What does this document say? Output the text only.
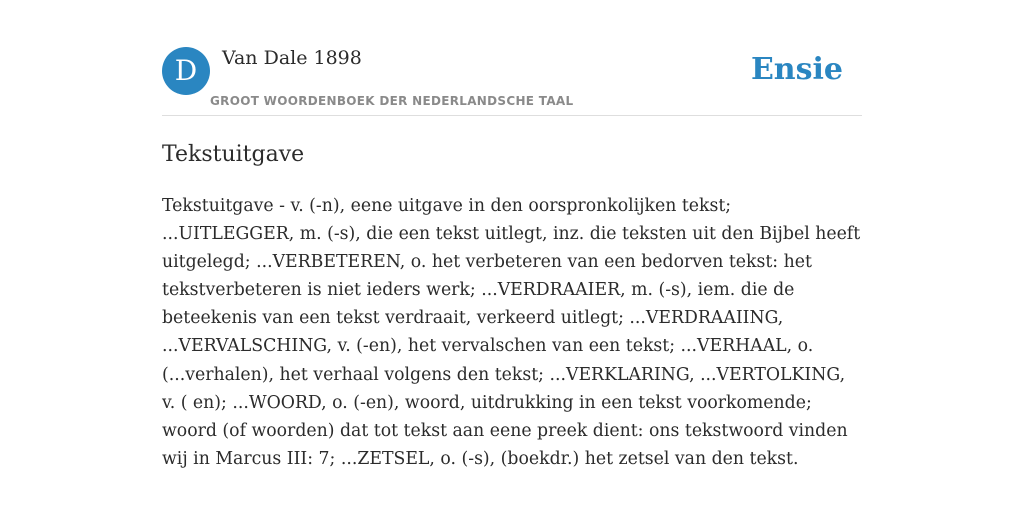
D	Van Dale 1898
GROOT WOORDENBOEK DER NEDERLANDSCHE TAAL
Ensie
Tekstuitgave

Tekstuitgave - v. (-n), eene uitgave in den oorspronkolijken tekst; ...UITLEGGER, m. (-s), die een tekst uitlegt, inz. die teksten uit den Bijbel heeft uitgelegd; ...VERBETEREN, o. het verbeteren van een bedorven tekst: het tekstverbeteren is niet ieders werk; ...VERDRAAIER, m. (-s), iem. die de beteekenis van een tekst verdraait, verkeerd uitlegt; ...VERDRAAIING, ...VERVALSCHING, v. (-en), het vervalschen van een tekst; ...VERHAAL, o. (...verhalen), het verhaal volgens den tekst; ...VERKLARING, ...VERTOLKING, v. ( en); ...WOORD, o. (-en), woord, uitdrukking in een tekst voorkomende; woord (of woorden) dat tot tekst aan eene preek dient: ons tekstwoord vinden wij in Marcus III: 7; ...ZETSEL, o. (-s), (boekdr.) het zetsel van den tekst.
